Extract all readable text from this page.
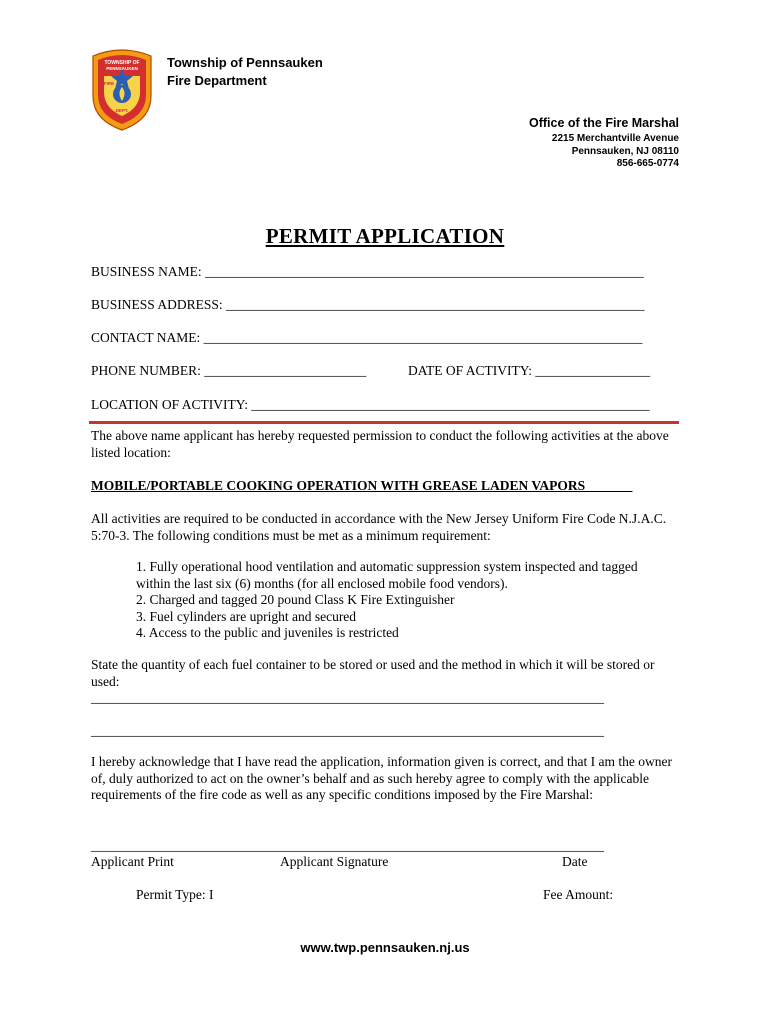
TOWNSHIP OF
PENNSAUKEN
FIRE
DEPT.
Township of Pennsauken
Fire Department
Office of the Fire Marshal
2215 Merchantville Avenue
Pennsauken, NJ 08110
856-665-0774
PERMIT APPLICATION
BUSINESS NAME: _________________________________________________________________
BUSINESS ADDRESS: ______________________________________________________________
CONTACT NAME: _________________________________________________________________
PHONE NUMBER: ________________________	DATE OF ACTIVITY: _________________
LOCATION OF ACTIVITY: ___________________________________________________________
The above name applicant has hereby requested permission to conduct the following activities at the above listed location:
MOBILE/PORTABLE COOKING OPERATION WITH GREASE LADEN VAPORS_______
All activities are required to be conducted in accordance with the New Jersey Uniform Fire Code N.J.A.C. 5:70-3. The following conditions must be met as a minimum requirement:
1. Fully operational hood ventilation and automatic suppression system inspected and tagged
within the last six (6) months (for all enclosed mobile food vendors).
2. Charged and tagged 20 pound Class K Fire Extinguisher
3. Fuel cylinders are upright and secured
4. Access to the public and juveniles is restricted
State the quantity of each fuel container to be stored or used and the method in which it will be stored or used:
____________________________________________________________________________
____________________________________________________________________________
I hereby acknowledge that I have read the application, information given is correct, and that I am the owner of, duly authorized to act on the owner’s behalf and as such hereby agree to comply with the applicable requirements of the fire code as well as any specific conditions imposed by the Fire Marshal:
____________________________________________________________________________
Applicant Print	Applicant Signature	Date
Permit Type: I	Fee Amount:
www.twp.pennsauken.nj.us
